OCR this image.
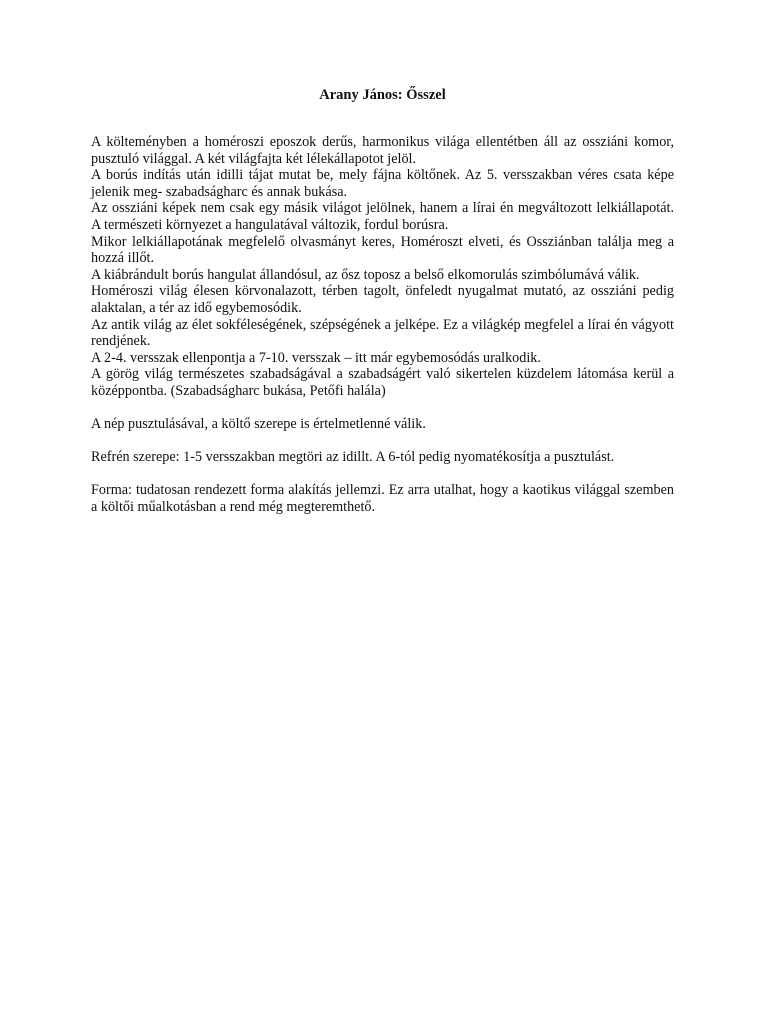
Arany János: Ősszel

A költeményben a homéroszi eposzok derűs, harmonikus világa ellentétben áll az ossziáni komor, pusztuló világgal. A két világfajta két lélekállapotot jelöl.

A borús indítás után idilli tájat mutat be, mely fájna költőnek. Az 5. versszakban véres csata képe jelenik meg- szabadságharc és annak bukása.

Az ossziáni képek nem csak egy másik világot jelölnek, hanem a lírai én megváltozott lelkiállapotát. A természeti környezet a hangulatával változik, fordul borúsra.

Mikor lelkiállapotának megfelelő olvasmányt keres, Homéroszt elveti, és Osszіánban találja meg a hozzá illőt.

A kiábrándult borús hangulat állandósul, az ősz toposz a belső elkomorulás szimbólumává válik.

Homéroszi világ élesen körvonalazott, térben tagolt, önfeledt nyugalmat mutató, az ossziáni pedig alaktalan, a tér az idő egybemosódik.

Az antik világ az élet sokféleségének, szépségének a jelképe. Ez a világkép megfelel a lírai én vágyott rendjének.

A 2-4. versszak ellenpontja a 7-10. versszak – itt már egybemosódás uralkodik.

A görög világ természetes szabadságával a szabadságért való sikertelen küzdelem látomása kerül a középpontba. (Szabadságharc bukása, Petőfi halála)

A nép pusztulásával, a költő szerepe is értelmetlenné válik.

Refrén szerepe: 1-5 versszakban megtöri az idillt. A 6-tól pedig nyomatékosítja a pusztulást.

Forma: tudatosan rendezett forma alakítás jellemzi. Ez arra utalhat, hogy a kaotikus világgal szemben a költői műalkotásban a rend még megteremthető.
